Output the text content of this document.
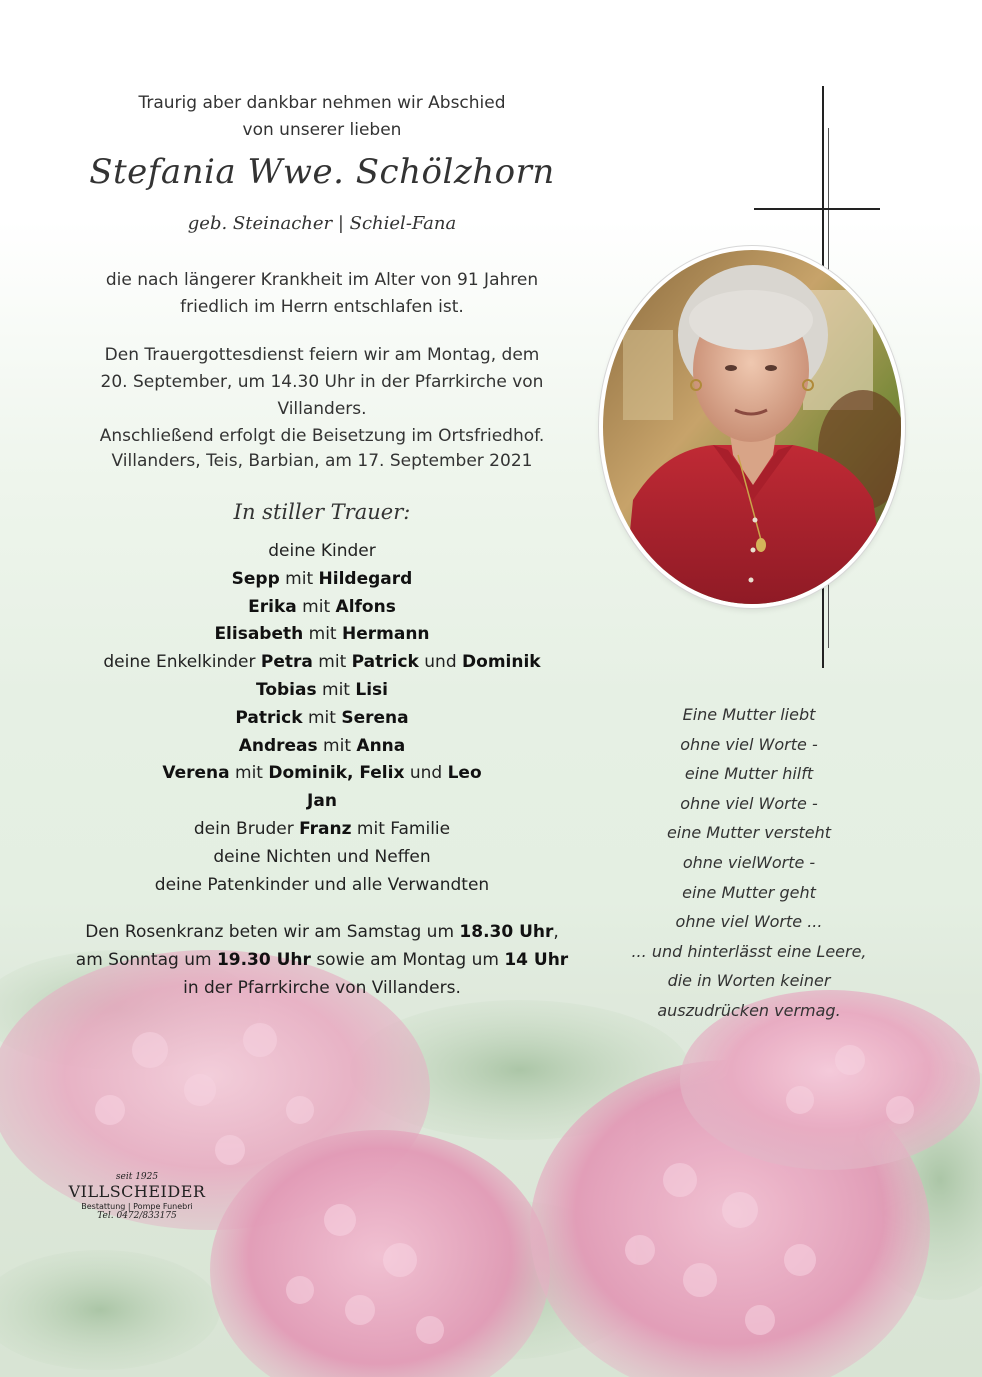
Traurig aber dankbar nehmen wir Abschied
von unserer lieben
Stefania Wwe. Schölzhorn
geb. Steinacher | Schiel-Fana
die nach längerer Krankheit im Alter von 91 Jahren
friedlich im Herrn entschlafen ist.
Den Trauergottesdienst feiern wir am Montag, dem
20. September, um 14.30 Uhr in der Pfarrkirche von Villanders.
Anschließend erfolgt die Beisetzung im Ortsfriedhof.
Villanders, Teis, Barbian, am 17. September 2021
In stiller Trauer:
deine Kinder
Sepp mit Hildegard
Erika mit Alfons
Elisabeth mit Hermann
deine Enkelkinder Petra mit Patrick und Dominik
Tobias mit Lisi
Patrick mit Serena
Andreas mit Anna
Verena mit Dominik, Felix und Leo
Jan
dein Bruder Franz mit Familie
deine Nichten und Neffen
deine Patenkinder und alle Verwandten
Den Rosenkranz beten wir am Samstag um 18.30 Uhr,
am Sonntag um 19.30 Uhr sowie am Montag um 14 Uhr
in der Pfarrkirche von Villanders.
Eine Mutter liebt
ohne viel Worte -
eine Mutter hilft
ohne viel Worte -
eine Mutter versteht
ohne vielWorte -
eine Mutter geht
ohne viel Worte ...
... und hinterlässt eine Leere,
die in Worten keiner
auszudrücken vermag.
seit 1925
VILLSCHEIDER
Bestattung | Pompe Funebri
Tel. 0472/833175
